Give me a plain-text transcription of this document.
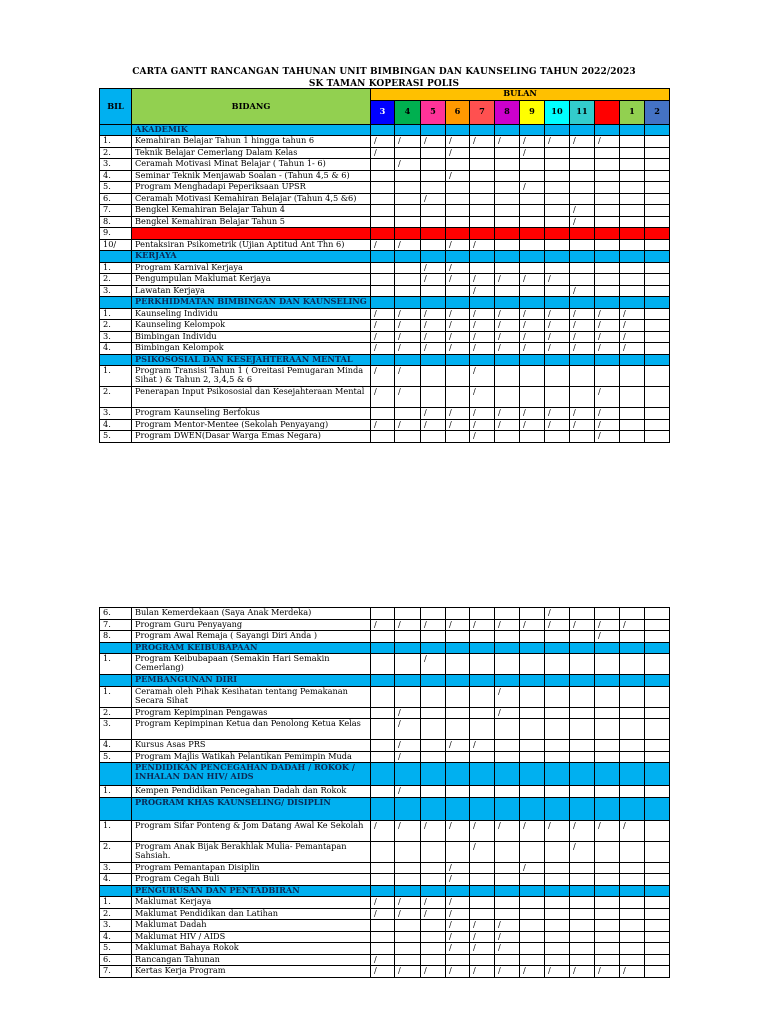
CARTA GANTT RANCANGAN TAHUNAN UNIT BIMBINGAN DAN KAUNSELING TAHUN 2022/2023
SK TAMAN KOPERASI POLIS
BIL	BIDANG	BULAN											
		3	4	5	6	7	8	9	10	11	12	1	2
	AKADEMIK												
1.	Kemahiran Belajar Tahun 1 hingga tahun 6	/	/	/	/	/	/	/	/	/	/		
2.	Teknik Belajar Cemerlang Dalam Kelas	/			/			/					
3.	Ceramah Motivasi Minat Belajar ( Tahun 1- 6)		/										
4.	Seminar Teknik Menjawab Soalan - (Tahun 4,5 & 6)				/								
5.	Program Menghadapi Peperiksaan UPSR							/					
6.	Ceramah Motivasi Kemahiran Belajar (Tahun 4,5 &6)			/									
7.	Bengkel Kemahiran Belajar Tahun 4									/			
8.	Bengkel Kemahiran Belajar Tahun 5									/			
9.													
10/	Pentaksiran Psikometrik (Ujian Aptitud Ant Thn 6)	/	/		/	/							
	KERJAYA												
1.	Program Karnival Kerjaya			/	/								
2.	Pengumpulan Maklumat Kerjaya			/	/	/	/	/	/				
3.	Lawatan Kerjaya					/				/			
	PERKHIDMATAN BIMBINGAN DAN KAUNSELING												
1.	Kaunseling Individu	/	/	/	/	/	/	/	/	/	/	/	
2.	Kaunseling Kelompok	/	/	/	/	/	/	/	/	/	/	/	
3.	Bimbingan Individu	/	/	/	/	/	/	/	/	/	/	/	
4.	Bimbingan Kelompok	/	/	/	/	/	/	/	/	/	/	/	
	PSIKOSOSIAL DAN KESEJAHTERAAN MENTAL												
1.	Program Transisi Tahun 1 ( Oreitasi Pemugaran Minda Sihat ) & Tahun 2, 3,4,5 & 6	/	/			/							
2.	Penerapan Input Psikososial dan Kesejahteraan Mental	/	/			/					/		
3.	Program Kaunseling Berfokus			/	/	/	/	/	/	/	/		
4.	Program Mentor-Mentee (Sekolah Penyayang)	/	/	/	/	/	/	/	/	/	/		
5.	Program DWEN(Dasar Warga Emas Negara)					/					/		
6.	Bulan Kemerdekaan (Saya Anak Merdeka)								/				
7.	Program Guru Penyayang	/	/	/	/	/	/	/	/	/	/	/	
8.	Program Awal Remaja ( Sayangi Diri Anda )										/		
	PROGRAM KEIBUBAPAAN												
1.	Program Keibubapaan (Semakin Hari Semakin Cemerlang)			/									
	PEMBANGUNAN DIRI												
1.	Ceramah oleh Pihak Kesihatan tentang Pemakanan Secara Sihat						/						
2.	Program Kepimpinan Pengawas		/				/						
3.	Program Kepimpinan Ketua dan Penolong Ketua Kelas		/										
4.	Kursus Asas PRS		/		/	/							
5.	Program Majlis Watikah Pelantikan Pemimpin Muda		/										
	PENDIDIKAN PENCEGAHAN DADAH / ROKOK / INHALAN DAN HIV/ AIDS												
1.	Kempen Pendidikan Pencegahan Dadah dan Rokok		/										
	PROGRAM KHAS KAUNSELING/ DISIPLIN												
1.	Program Sifar Ponteng & Jom Datang Awal Ke Sekolah	/	/	/	/	/	/	/	/	/	/	/	
2.	Program Anak Bijak Berakhlak Mulia- Pemantapan Sahsiah.					/				/			
3.	Program Pemantapan Disiplin				/			/					
4.	Program Cegah Buli				/								
	PENGURUSAN DAN PENTADBIRAN												
1.	Maklumat Kerjaya	/	/	/	/								
2.	Maklumat Pendidikan dan Latihan	/	/	/	/								
3.	Maklumat Dadah				/	/	/						
4.	Maklumat HIV / AIDS				/	/	/						
5.	Maklumat Bahaya Rokok				/	/	/						
6.	Rancangan Tahunan	/											
7.	Kertas Kerja Program	/	/	/	/	/	/	/	/	/	/	/	
